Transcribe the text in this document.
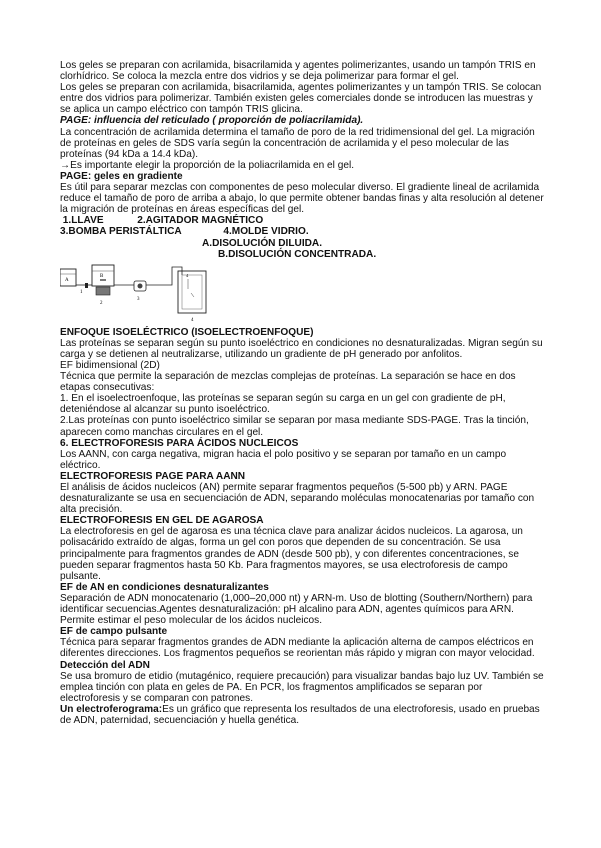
Los geles se preparan con acrilamida, bisacrilamida y agentes polimerizantes, usando un tampón TRIS en clorhídrico. Se coloca la mezcla entre dos vidrios y se deja polimerizar para formar el gel.

Los geles se preparan con acrilamida, bisacrilamida, agentes polimerizantes y un tampón TRIS. Se colocan entre dos vidrios para polimerizar. También existen geles comerciales donde se introducen las muestras y se aplica un campo eléctrico con tampón TRIS glicina.

PAGE: influencia del reticulado ( proporción de poliacrilamida).

La concentración de acrilamida determina el tamaño de poro de la red tridimensional del gel. La migración de proteínas en geles de SDS varía según la concentración de acrilamida y el peso molecular de las proteínas (94 kDa a 14.4 kDa).

→Es importante elegir la proporción de la poliacrilamida en el gel.

PAGE: geles en gradiente

Es útil para separar mezclas con componentes de peso molecular diverso. El gradiente lineal de acrilamida reduce el tamaño de poro de arriba a abajo, lo que permite obtener bandas finas y alta resolución al detener la migración de proteínas en áreas específicas del gel.

1.LLAVE            2.AGITADOR MAGNÉTICO
3.BOMBA PERISTÁLTICA               4.MOLDE VIDRIO.
A.DISOLUCIÓN DILUIDA.
B.DISOLUCIÓN CONCENTRADA.
A
B
1
2
3
4
4

ENFOQUE ISOELÉCTRICO (ISOELECTROENFOQUE)

Las proteínas se separan según su punto isoeléctrico en condiciones no desnaturalizadas. Migran según su carga y se detienen al neutralizarse, utilizando un gradiente de pH generado por anfolitos.

EF bidimensional (2D)

Técnica que permite la separación de mezclas complejas de proteínas. La separación se hace en dos etapas consecutivas:

1. En el isoelectroenfoque, las proteínas se separan según su carga en un gel con gradiente de pH, deteniéndose al alcanzar su punto isoeléctrico.

2.Las proteínas con punto isoeléctrico similar se separan por masa mediante SDS-PAGE. Tras la tinción, aparecen como manchas circulares en el gel.

6. ELECTROFORESIS PARA ÁCIDOS NUCLEICOS

Los AANN, con carga negativa, migran hacia el polo positivo y se separan por tamaño en un campo eléctrico.

ELECTROFORESIS PAGE PARA AANN

El análisis de ácidos nucleicos (AN) permite separar fragmentos pequeños (5-500 pb) y ARN. PAGE desnaturalizante se usa en secuenciación de ADN, separando moléculas monocatenarias por tamaño con alta precisión.

ELECTROFORESIS EN GEL DE AGAROSA

La electroforesis en gel de agarosa es una técnica clave para analizar ácidos nucleicos. La agarosa, un polisacárido extraído de algas, forma un gel con poros que dependen de su concentración. Se usa principalmente para fragmentos grandes de ADN (desde 500 pb), y con diferentes concentraciones, se pueden separar fragmentos hasta 50 Kb. Para fragmentos mayores, se usa electroforesis de campo pulsante.

EF de AN en condiciones desnaturalizantes

Separación de ADN monocatenario (1,000–20,000 nt) y ARN-m. Uso de blotting (Southern/Northern) para identificar secuencias.Agentes desnaturalización: pH alcalino para ADN, agentes químicos para ARN. Permite estimar el peso molecular de los ácidos nucleicos.

EF de campo pulsante

Técnica para separar fragmentos grandes de ADN mediante la aplicación alterna de campos eléctricos en diferentes direcciones. Los fragmentos pequeños se reorientan más rápido y migran con mayor velocidad.

Detección del ADN

Se usa bromuro de etidio (mutagénico, requiere precaución) para visualizar bandas bajo luz UV. También se emplea tinción con plata en geles de PA. En PCR, los fragmentos amplificados se separan por electroforesis y se comparan con patrones.

Un electroferograma:Es un gráfico que representa los resultados de una electroforesis, usado en pruebas de ADN, paternidad, secuenciación y huella genética.
